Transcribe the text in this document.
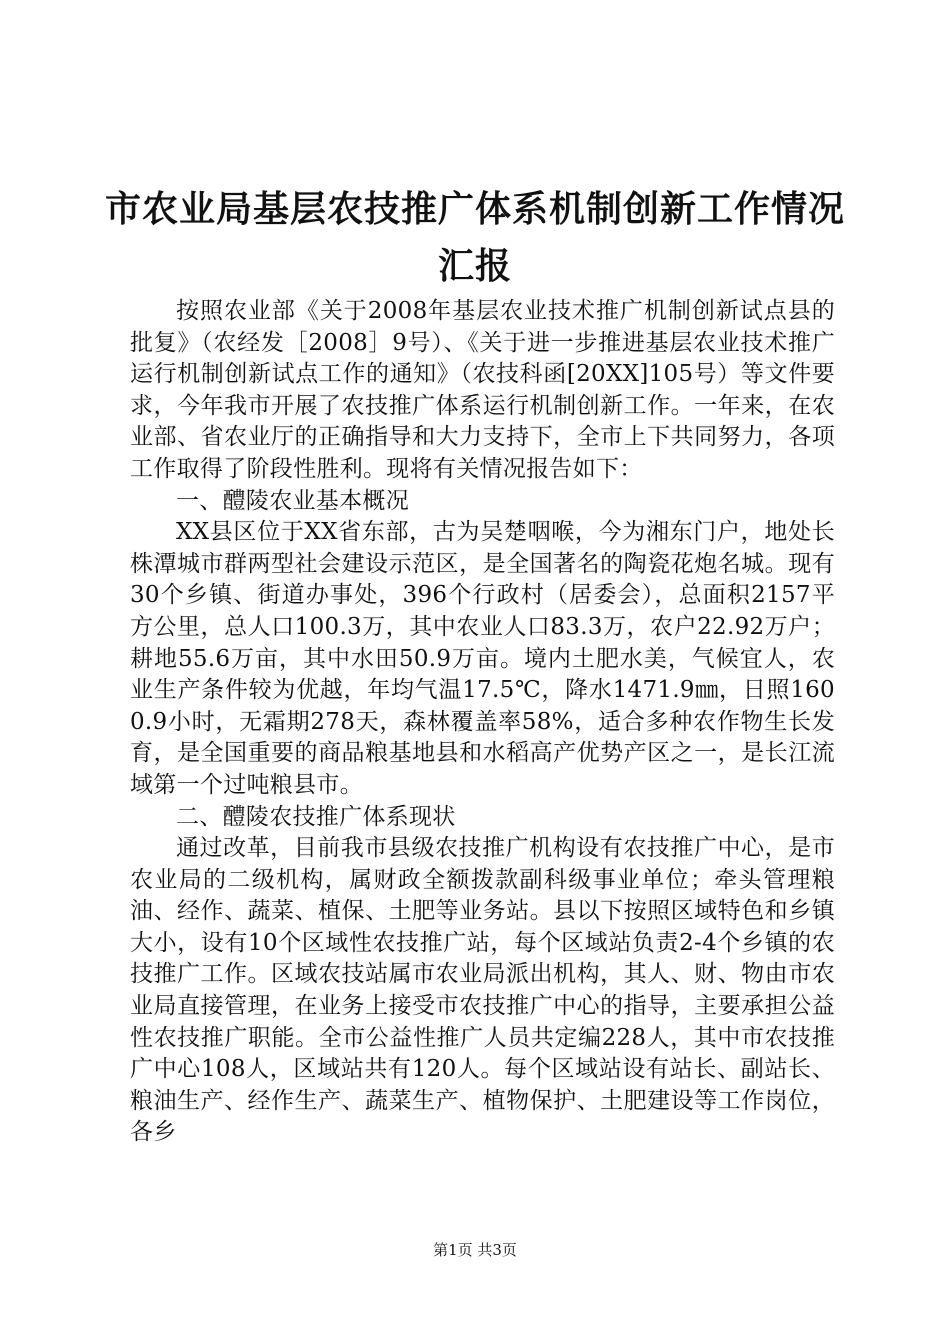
市农业局基层农技推广体系机制创新工作情况
汇报

按照农业部《关于2008年基层农业技术推广机制创新试点县的批复》（农经发［2008］9号）、《关于进一步推进基层农业技术推广运行机制创新试点工作的通知》（农技科函[20XX]105号）等文件要求，今年我市开展了农技推广体系运行机制创新工作。一年来，在农业部、省农业厅的正确指导和大力支持下，全市上下共同努力，各项工作取得了阶段性胜利。现将有关情况报告如下：

一、醴陵农业基本概况

XX县区位于XX省东部，古为吴楚咽喉，今为湘东门户，地处长株潭城市群两型社会建设示范区，是全国著名的陶瓷花炮名城。现有30个乡镇、街道办事处，396个行政村（居委会），总面积2157平方公里，总人口100.3万，其中农业人口83.3万，农户22.92万户；耕地55.6万亩，其中水田50.9万亩。境内土肥水美，气候宜人，农业生产条件较为优越，年均气温17.5℃，降水1471.9㎜，日照1600.9小时，无霜期278天，森林覆盖率58%，适合多种农作物生长发育，是全国重要的商品粮基地县和水稻高产优势产区之一，是长江流域第一个过吨粮县市。

二、醴陵农技推广体系现状

通过改革，目前我市县级农技推广机构设有农技推广中心，是市农业局的二级机构，属财政全额拨款副科级事业单位；牵头管理粮油、经作、蔬菜、植保、土肥等业务站。县以下按照区域特色和乡镇大小，设有10个区域性农技推广站，每个区域站负责2-4个乡镇的农技推广工作。区域农技站属市农业局派出机构，其人、财、物由市农业局直接管理，在业务上接受市农技推广中心的指导，主要承担公益性农技推广职能。全市公益性推广人员共定编228人，其中市农技推广中心108人，区域站共有120人。每个区域站设有站长、副站长、粮油生产、经作生产、蔬菜生产、植物保护、土肥建设等工作岗位，各乡

第1页 共3页
